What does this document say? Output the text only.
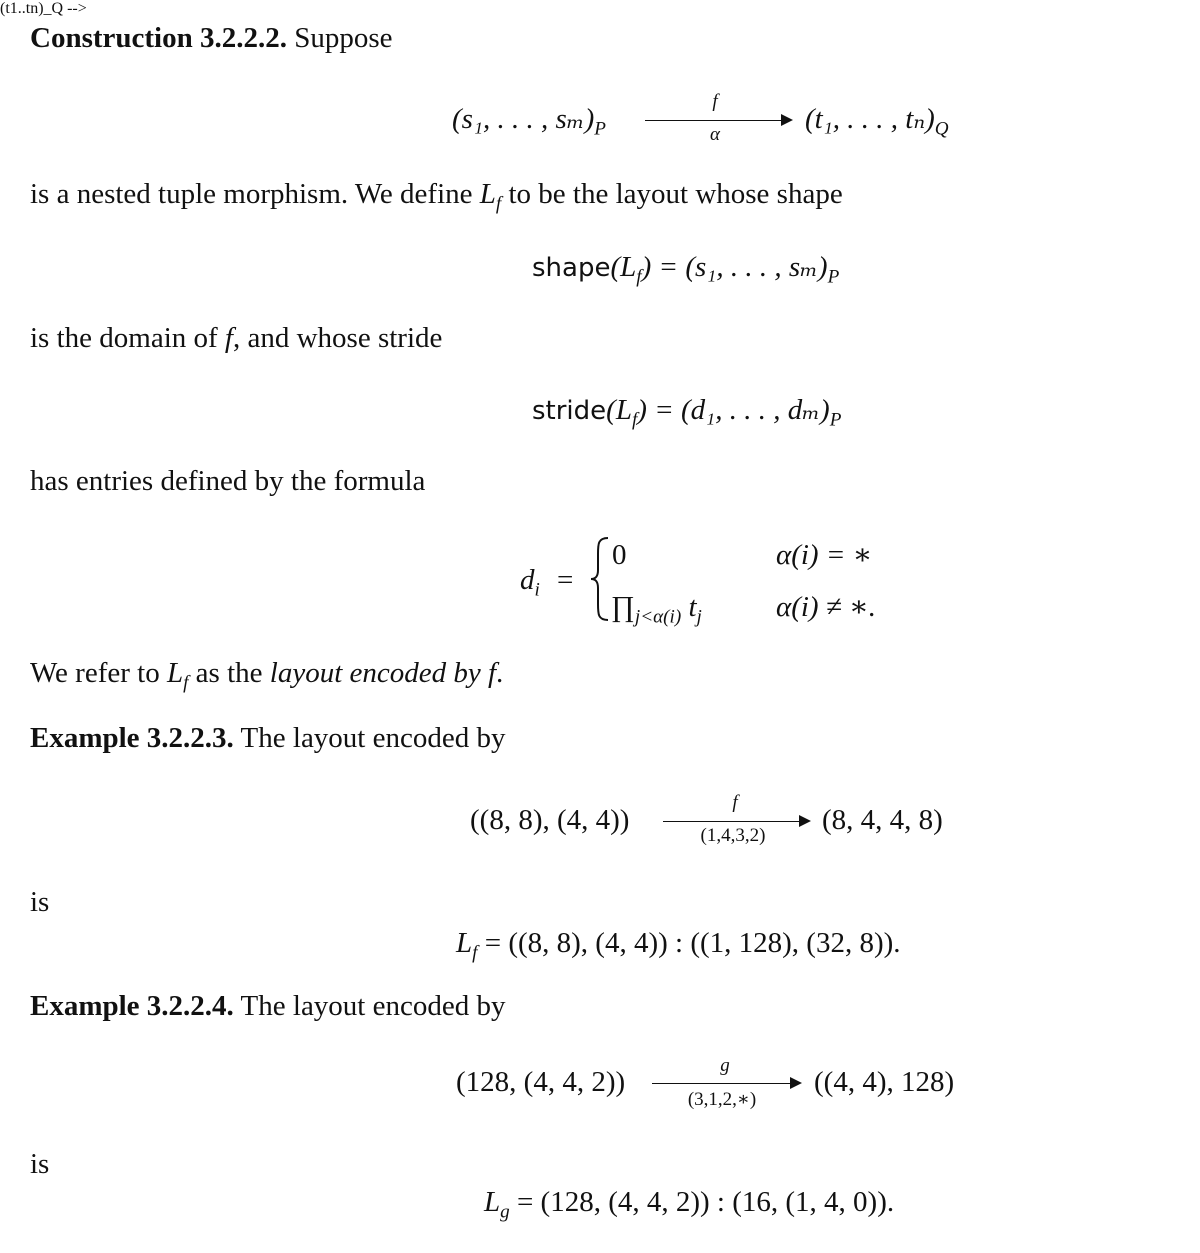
Construction 3.2.2.2. Suppose
(t1..tn)_Q -->
(s₁, . . . , $s_m)_P$
f
α	(t₁, . . . , $t_n)_Q$
is a nested tuple morphism. We define $L_f$ to be the layout whose shape
$shape(L_f) = (s_1$, . . . , $s_m)_P$
is the domain of f, and whose stride
$stride(L_f) = (d_1$, . . . , $d_m)_P$
has entries defined by the formula
$d_i$ =
0	α(i) = ∗
$\prod_{j<\alpha(i)}$ $t_j$	α(i) ≠ ∗.
We refer to $L_f$ as the layout encoded by f.
Example 3.2.2.3. The layout encoded by
((8, 8), (4, 4))
f
(1,4,3,2)	(8, 4, 4, 8)
is
$L_f = ((8$, 8), (4, 4)) : ((1, 128), (32, 8)).
Example 3.2.2.4. The layout encoded by
(128, (4, 4, 2))
g
(3,1,2,∗)
((4, 4), 128)
is
$L_g = (128$, (4, 4, 2)) : (16, (1, 4, 0)).
